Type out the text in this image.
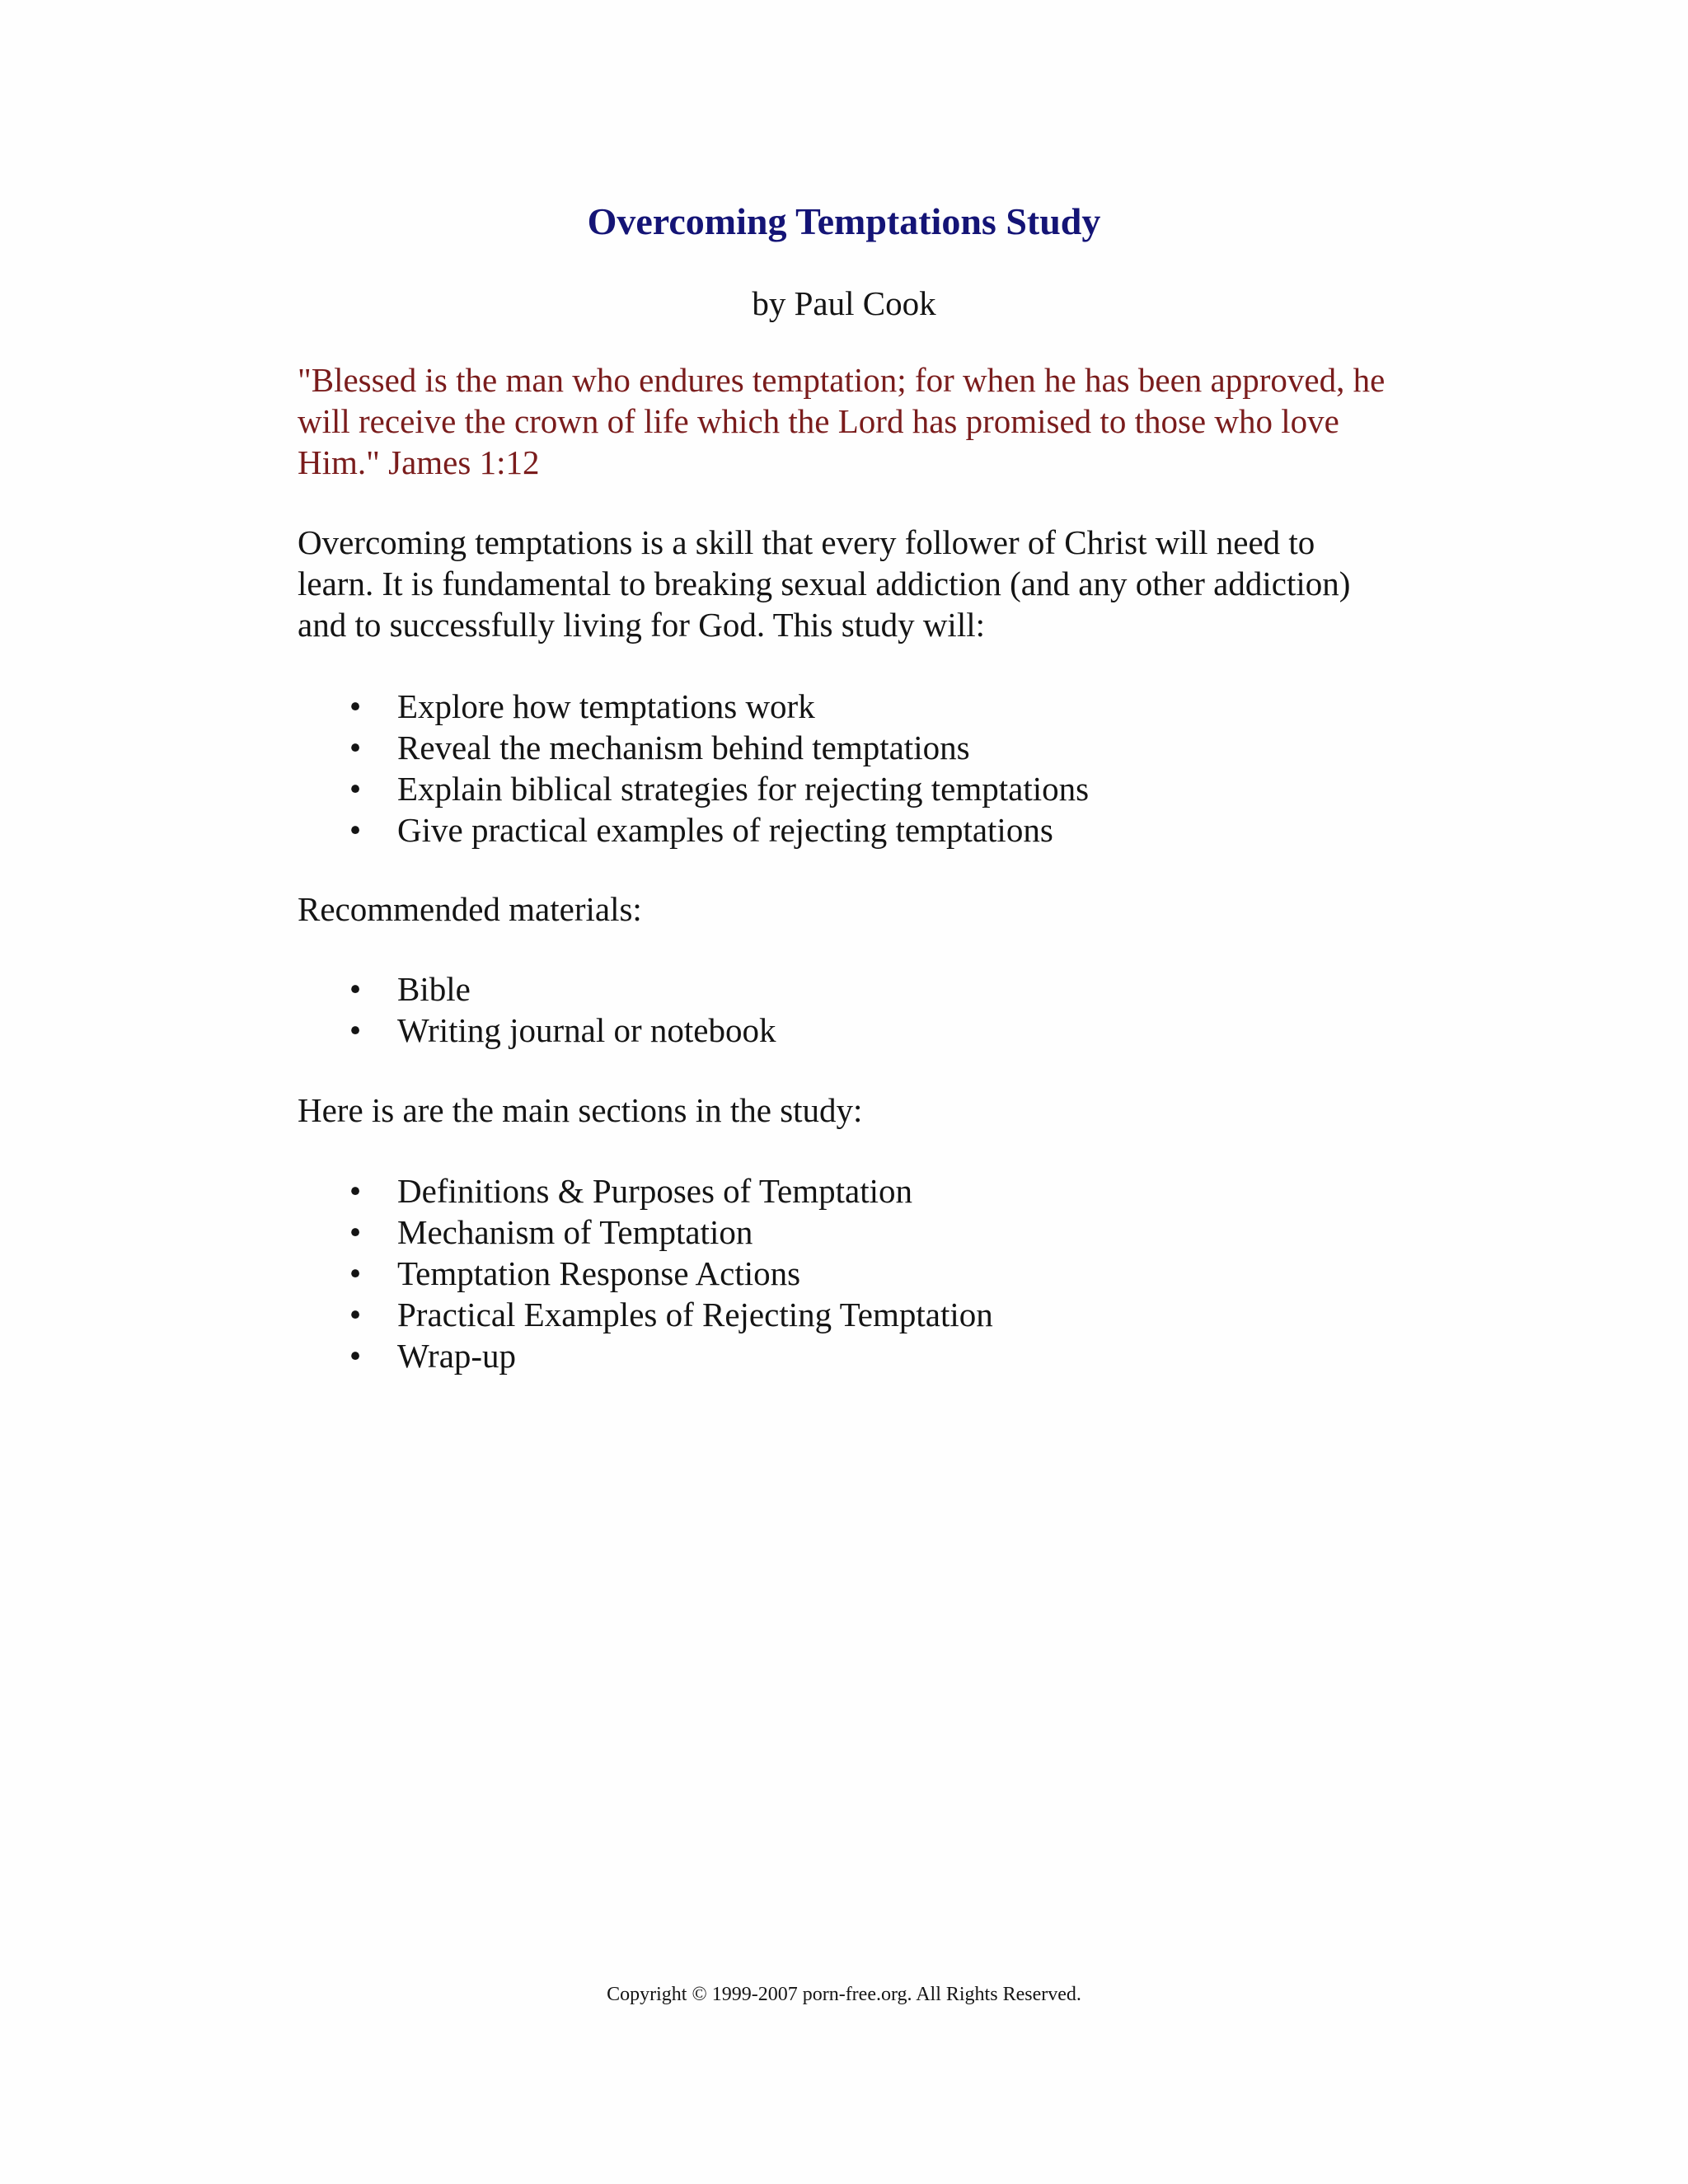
Overcoming Temptations Study

by Paul Cook

"Blessed is the man who endures temptation; for when he has been approved, he will receive the crown of life which the Lord has promised to those who love Him." James 1:12

Overcoming temptations is a skill that every follower of Christ will need to learn. It is fundamental to breaking sexual addiction (and any other addiction) and to successfully living for God. This study will:

• Explore how temptations work
• Reveal the mechanism behind temptations
• Explain biblical strategies for rejecting temptations
• Give practical examples of rejecting temptations

Recommended materials:

• Bible
• Writing journal or notebook

Here is are the main sections in the study:

• Definitions & Purposes of Temptation
• Mechanism of Temptation
• Temptation Response Actions
• Practical Examples of Rejecting Temptation
• Wrap-up

Copyright © 1999-2007 porn-free.org. All Rights Reserved.
